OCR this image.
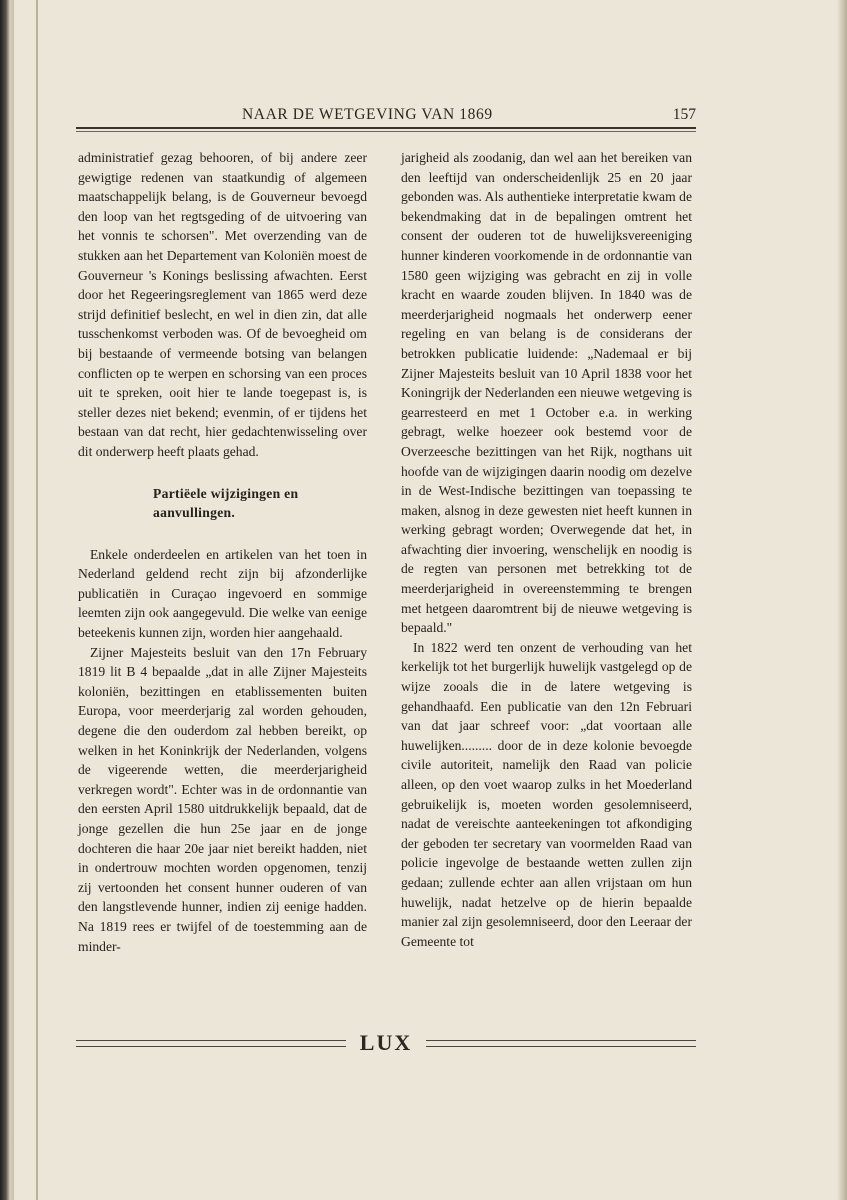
NAAR DE WETGEVING VAN 1869	157

administratief gezag behooren, of bij andere zeer gewigtige redenen van staatkundig of algemeen maatschappelijk belang, is de Gouverneur bevoegd den loop van het regtsgeding of de uitvoering van het vonnis te schorsen". Met overzending van de stukken aan het Departement van Koloniën moest de Gouverneur 's Konings beslissing afwachten. Eerst door het Regeeringsreglement van 1865 werd deze strijd definitief beslecht, en wel in dien zin, dat alle tusschenkomst verboden was. Of de bevoegheid om bij bestaande of vermeende botsing van belangen conflicten op te werpen en schorsing van een proces uit te spreken, ooit hier te lande toegepast is, is steller dezes niet bekend; evenmin, of er tijdens het bestaan van dat recht, hier gedachtenwisseling over dit onderwerp heeft plaats gehad.

Partiëele wijzigingen en aanvullingen.

Enkele onderdeelen en artikelen van het toen in Nederland geldend recht zijn bij afzonderlijke publicatiën in Curaçao ingevoerd en sommige leemten zijn ook aangegevuld. Die welke van eenige beteekenis kunnen zijn, worden hier aangehaald.

Zijner Majesteits besluit van den 17n February 1819 lit B 4 bepaalde „dat in alle Zijner Majesteits koloniën, bezittingen en etablissementen buiten Europa, voor meerderjarig zal worden gehouden, degene die den ouderdom zal hebben bereikt, op welken in het Koninkrijk der Nederlanden, volgens de vigeerende wetten, die meerderjarigheid verkregen wordt". Echter was in de ordonnantie van den eersten April 1580 uitdrukkelijk bepaald, dat de jonge gezellen die hun 25e jaar en de jonge dochteren die haar 20e jaar niet bereikt hadden, niet in ondertrouw mochten worden opgenomen, tenzij zij vertoonden het consent hunner ouderen of van den langstlevende hunner, indien zij eenige hadden. Na 1819 rees er twijfel of de toestemming aan de minder-

jarigheid als zoodanig, dan wel aan het bereiken van den leeftijd van onderscheidenlijk 25 en 20 jaar gebonden was. Als authentieke interpretatie kwam de bekendmaking dat in de bepalingen omtrent het consent der ouderen tot de huwelijksvereeniging hunner kinderen voorkomende in de ordonnantie van 1580 geen wijziging was gebracht en zij in volle kracht en waarde zouden blijven. In 1840 was de meerderjarigheid nogmaals het onderwerp eener regeling en van belang is de considerans der betrokken publicatie luidende: „Nademaal er bij Zijner Majesteits besluit van 10 April 1838 voor het Koningrijk der Nederlanden een nieuwe wetgeving is gearresteerd en met 1 October e.a. in werking gebragt, welke hoezeer ook bestemd voor de Overzeesche bezittingen van het Rijk, nogthans uit hoofde van de wijzigingen daarin noodig om dezelve in de West-Indische bezittingen van toepassing te maken, alsnog in deze gewesten niet heeft kunnen in werking gebragt worden; Overwegende dat het, in afwachting dier invoering, wenschelijk en noodig is de regten van personen met betrekking tot de meerderjarigheid in overeenstemming te brengen met hetgeen daaromtrent bij de nieuwe wetgeving is bepaald."

In 1822 werd ten onzent de verhouding van het kerkelijk tot het burgerlijk huwelijk vastgelegd op de wijze zooals die in de latere wetgeving is gehandhaafd. Een publicatie van den 12n Februari van dat jaar schreef voor: „dat voortaan alle huwelijken......... door de in deze kolonie bevoegde civile autoriteit, namelijk den Raad van policie alleen, op den voet waarop zulks in het Moederland gebruikelijk is, moeten worden gesolemniseerd, nadat de vereischte aanteekeningen tot afkondiging der geboden ter secretary van voormelden Raad van policie ingevolge de bestaande wetten zullen zijn gedaan; zullende echter aan allen vrijstaan om hun huwelijk, nadat hetzelve op de hierin bepaalde manier zal zijn gesolemniseerd, door den Leeraar der Gemeente tot

LUX
